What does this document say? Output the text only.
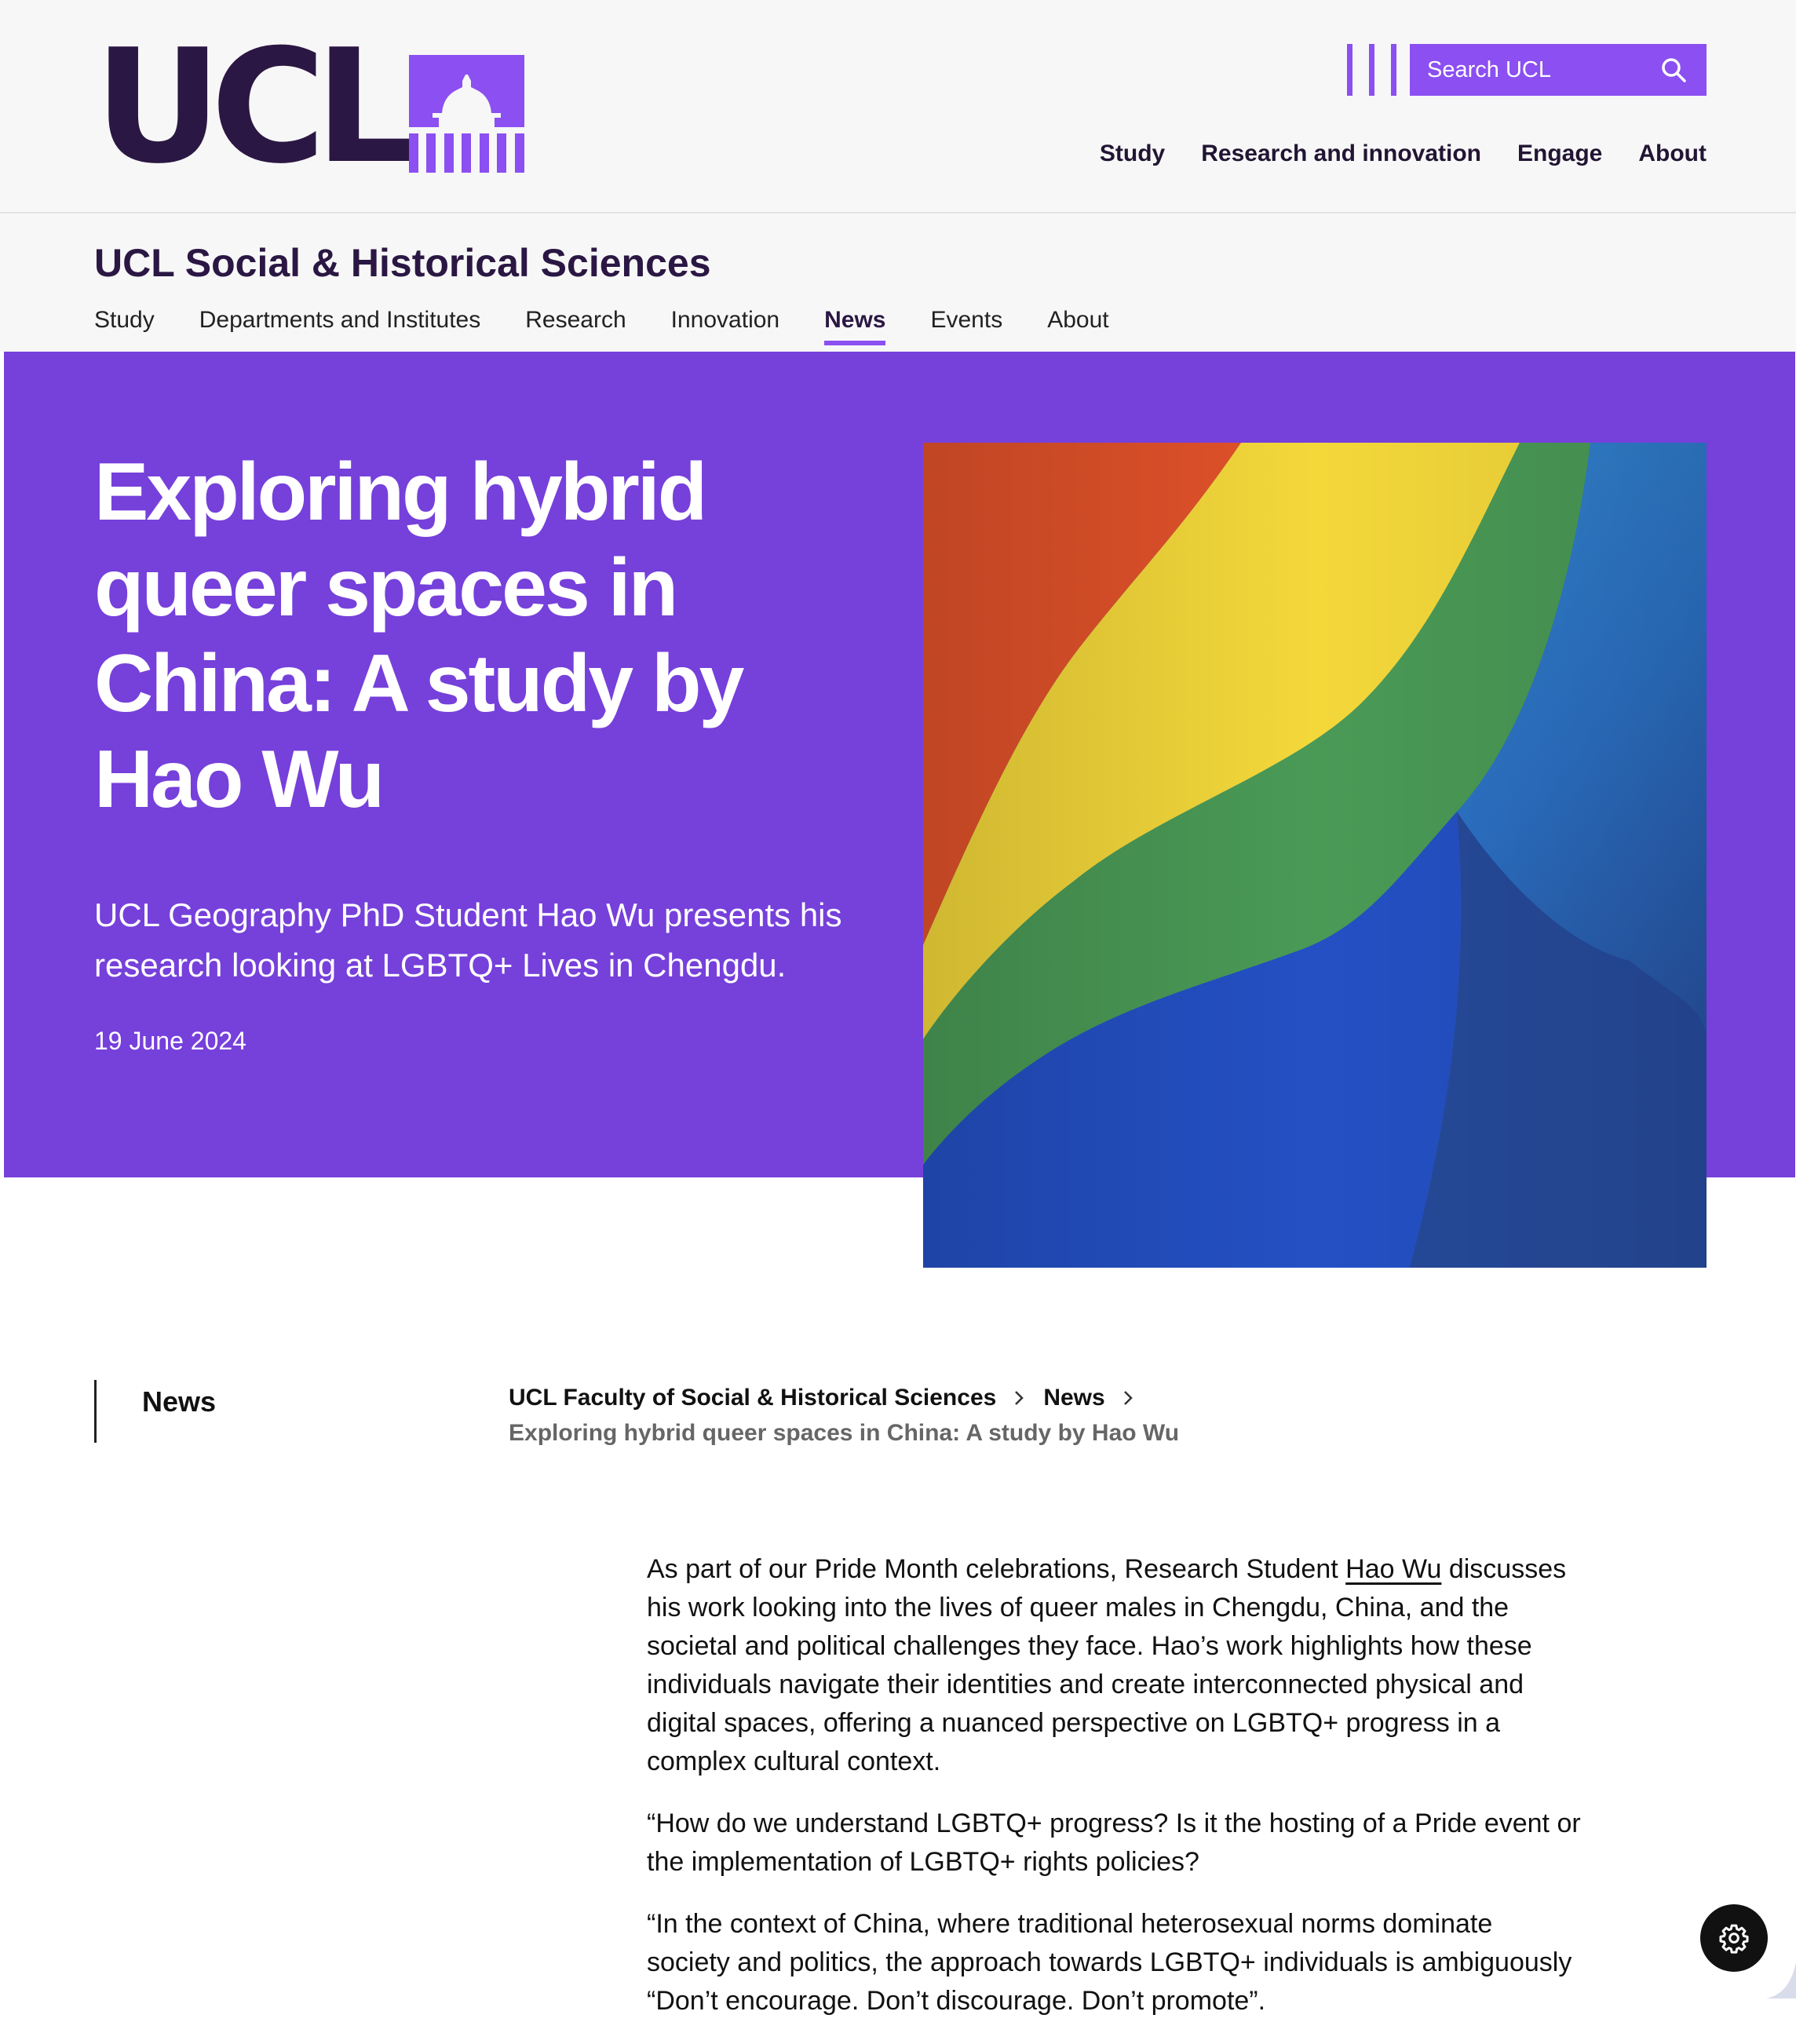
UCL	Search UCL
Study Research and innovation Engage About
UCL Social & Historical Sciences
Study Departments and Institutes Research Innovation News Events About
Exploring hybrid queer spaces in China: A study by Hao Wu

UCL Geography PhD Student Hao Wu presents his research looking at LGBTQ+ Lives in Chengdu.

19 June 2024
News	UCL Faculty of Social & Historical Sciences News
Exploring hybrid queer spaces in China: A study by Hao Wu

As part of our Pride Month celebrations, Research Student Hao Wu discusses his work looking into the lives of queer males in Chengdu, China, and the societal and political challenges they face. Hao’s work highlights how these individuals navigate their identities and create interconnected physical and digital spaces, offering a nuanced perspective on LGBTQ+ progress in a complex cultural context.

“How do we understand LGBTQ+ progress? Is it the hosting of a Pride event or the implementation of LGBTQ+ rights policies?

“In the context of China, where traditional heterosexual norms dominate society and politics, the approach towards LGBTQ+ individuals is ambiguously “Don’t encourage. Don’t discourage. Don’t promote”.
